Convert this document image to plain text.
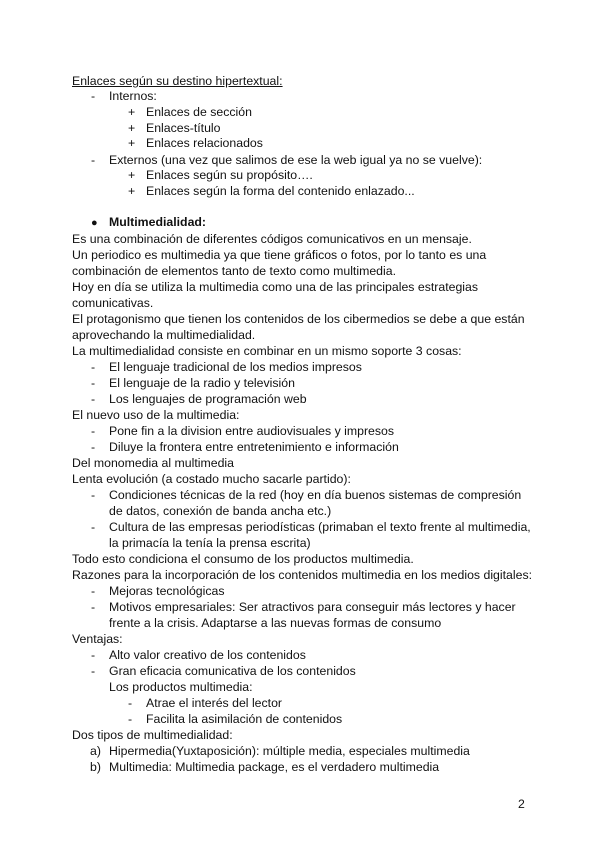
Enlaces según su destino hipertextual:
- Internos:
+ Enlaces de sección
+ Enlaces-título
+ Enlaces relacionados
- Externos (una vez que salimos de ese la web igual ya no se vuelve):
+ Enlaces según su propósito….
+ Enlaces según la forma del contenido enlazado...
● Multimedialidad:
Es una combinación de diferentes códigos comunicativos en un mensaje.
Un periodico es multimedia ya que tiene gráficos o fotos, por lo tanto es una
combinación de elementos tanto de texto como multimedia.
Hoy en día se utiliza la multimedia como una de las principales estrategias
comunicativas.
El protagonismo que tienen los contenidos de los cibermedios se debe a que están
aprovechando la multimedialidad.
La multimedialidad consiste en combinar en un mismo soporte 3 cosas:
- El lenguaje tradicional de los medios impresos
- El lenguaje de la radio y televisión
- Los lenguajes de programación web
El nuevo uso de la multimedia:
- Pone fin a la division entre audiovisuales y impresos
- Diluye la frontera entre entretenimiento e información
Del monomedia al multimedia
Lenta evolución (a costado mucho sacarle partido):
- Condiciones técnicas de la red (hoy en día buenos sistemas de compresión
de datos, conexión de banda ancha etc.)
- Cultura de las empresas periodísticas (primaban el texto frente al multimedia,
la primacía la tenía la prensa escrita)
Todo esto condiciona el consumo de los productos multimedia.
Razones para la incorporación de los contenidos multimedia en los medios digitales:
- Mejoras tecnológicas
- Motivos empresariales: Ser atractivos para conseguir más lectores y hacer
frente a la crisis. Adaptarse a las nuevas formas de consumo
Ventajas:
- Alto valor creativo de los contenidos
- Gran eficacia comunicativa de los contenidos
Los productos multimedia:
- Atrae el interés del lector
- Facilita la asimilación de contenidos
Dos tipos de multimedialidad:
a) Hipermedia(Yuxtaposición): múltiple media, especiales multimedia
b) Multimedia: Multimedia package, es el verdadero multimedia
2
